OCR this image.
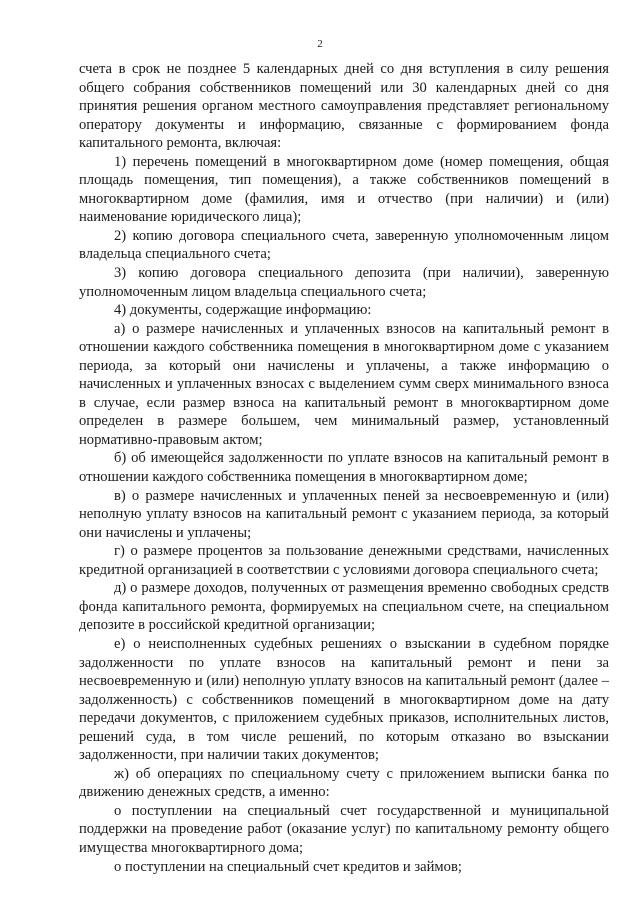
2

счета в срок не позднее 5 календарных дней со дня вступления в силу решения общего собрания собственников помещений или 30 календарных дней со дня принятия решения органом местного самоуправления представляет региональному оператору документы и информацию, связанные с формированием фонда капитального ремонта, включая:

1) перечень помещений в многоквартирном доме (номер помещения, общая площадь помещения, тип помещения), а также собственников помещений в многоквартирном доме (фамилия, имя и отчество (при наличии) и (или) наименование юридического лица);

2) копию договора специального счета, заверенную уполномоченным лицом владельца специального счета;

3) копию договора специального депозита (при наличии), заверенную уполномоченным лицом владельца специального счета;

4) документы, содержащие информацию:

а) о размере начисленных и уплаченных взносов на капитальный ремонт в отношении каждого собственника помещения в многоквартирном доме с указанием периода, за который они начислены и уплачены, а также информацию о начисленных и уплаченных взносах с выделением сумм сверх минимального взноса в случае, если размер взноса на капитальный ремонт в многоквартирном доме определен в размере большем, чем минимальный размер, установленный нормативно-правовым актом;

б) об имеющейся задолженности по уплате взносов на капитальный ремонт в отношении каждого собственника помещения в многоквартирном доме;

в) о размере начисленных и уплаченных пеней за несвоевременную и (или) неполную уплату взносов на капитальный ремонт с указанием периода, за который они начислены и уплачены;

г) о размере процентов за пользование денежными средствами, начисленных кредитной организацией в соответствии с условиями договора специального счета;

д) о размере доходов, полученных от размещения временно свободных средств фонда капитального ремонта, формируемых на специальном счете, на специальном депозите в российской кредитной организации;

е) о неисполненных судебных решениях о взыскании в судебном порядке задолженности по уплате взносов на капитальный ремонт и пени за несвоевременную и (или) неполную уплату взносов на капитальный ремонт (далее – задолженность) с собственников помещений в многоквартирном доме на дату передачи документов, с приложением судебных приказов, исполнительных листов, решений суда, в том числе решений, по которым отказано во взыскании задолженности, при наличии таких документов;

ж) об операциях по специальному счету с приложением выписки банка по движению денежных средств, а именно:

о поступлении на специальный счет государственной и муниципальной поддержки на проведение работ (оказание услуг) по капитальному ремонту общего имущества многоквартирного дома;

о поступлении на специальный счет кредитов и займов;
